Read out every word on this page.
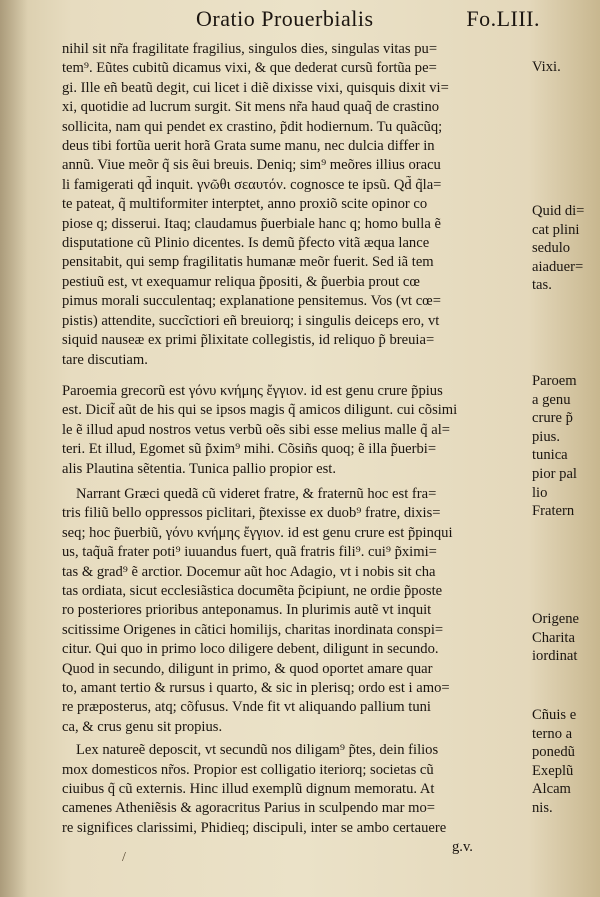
Oratio Prouerbialis	Fo.LIII.
nihil sit nr̃a fragilitate fragilius, singulos dies, singulas vitas pu=
tem⁹. Eũtes cubitũ dicamus vixi, & que dederat cursũ fortũa pe=
gi. Ille eñ beatũ degit, cui licet i diẽ dixisse vixi, quisquis dixit vi=
xi, quotidie ad lucrum surgit. Sit mens nr̃a haud quaq̃ de crastino
sollicita, nam qui pendet ex crastino, p̃dit hodiernum. Tu quãcũq;
deus tibi fortũa uerit horã Grata sume manu, nec dulcia differ in
annũ. Viue meõr q̃ sis ẽui breuis. Deniq; sim⁹ meõres illius oracu
li famigerati qd̃ inquit. γνῶθι σεαυτόν. cognosce te ipsũ. Qd̃ q̃la=
te pateat, q̃ multiformiter interptet, anno proxiõ scite opinor co
piose q; disserui. Itaq; claudamus p̃uerbiale hanc q; homo bulla ẽ
disputatione cũ Plinio dicentes. Is demũ p̃fecto vitã æqua lance
pensitabit, qui semp fragilitatis humanæ meõr fuerit. Sed iã tem
pestiuũ est, vt exequamur reliqua p̃positi, & p̃uerbia prout cœ
pimus morali succulentaq; explanatione pensitemus. Vos (vt cœ=
pistis) attendite, succĩctiori eñ breuiorq; i singulis deiceps ero, vt
siquid nauseæ ex primi p̃lixitate collegistis, id reliquo p̃ breuia=
tare discutiam.
Paroemia grecorũ est γόνυ κνήμης ἔγγιον. id est genu crure p̃pius
est. Dicit̃ aũt de his qui se ipsos magis q̃ amicos diligunt. cui cõsimi
le ẽ illud apud nostros vetus verbũ oẽs sibi esse melius malle q̃ al=
teri. Et illud, Egomet sũ p̃xim⁹ mihi. Cõsiñs quoq; ẽ illa p̃uerbi=
alis Plautina sẽtentia. Tunica pallio propior est.
Narrant Græci quedã cũ videret fratre, & fraternũ hoc est fra=
tris filiũ bello oppressos piclitari, p̃texisse ex duob⁹ fratre, dixis=
seq; hoc p̃uerbiũ, γόνυ κνήμης ἔγγιον. id est genu crure est p̃pinqui
us, taq̃uã frater poti⁹ iuuandus fuert, quã fratris fili⁹. cui⁹ p̃ximi=
tas & grad⁹ ẽ arctior. Docemur aũt hoc Adagio, vt i nobis sit cha
tas ordiata, sicut ecclesiãstica documẽta p̃cipiunt, ne ordie p̃poste
ro posteriores prioribus anteponamus. In plurimis autẽ vt inquit
scitissime Origenes in cãtici homilijs, charitas inordinata conspi=
citur. Qui quo in primo loco diligere debent, diligunt in secundo.
Quod in secundo, diligunt in primo, & quod oportet amare quar
to, amant tertio & rursus i quarto, & sic in plerisq; ordo est i amo=
re præposterus, atq; cõfusus. Vnde fit vt aliquando pallium tuni
ca, & crus genu sit propius.
Lex natureẽ deposcit, vt secundũ nos diligam⁹ p̃tes, dein filios
mox domesticos nr̃os. Propior est colligatio iteriorq; societas cũ
ciuibus q̃ cũ externis. Hinc illud exemplũ dignum memoratu. At
camenes Atheniẽsis & agoracritus Parius in sculpendo mar mo=
re significes clarissimi, Phidieq; discipuli, inter se ambo certauere
g.v.
Vixi.
Quid di=
cat plini
sedulo
aiaduer=
tas.
Paroem
a genu
crure p̃
pius.
tunica
pior pal
lio
Fratern
Origene
Charita
iordinat
Cñuis e
terno a
ponedũ
Exeplũ
Alcam
nis.
/
